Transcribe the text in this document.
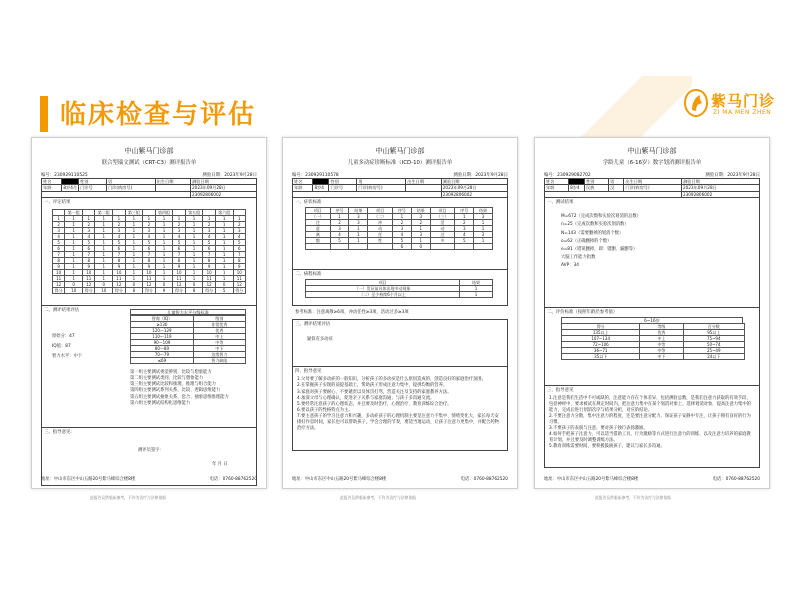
临床检查与评估	紫马门诊
ZI MA MEN ZHEN
中山紫马门诊部
联合型瑞文测试（CRT-C3）测评报告单
编号：230929110525	测验日期：2023年9月28日
姓名		性别	男	出生日期	测验日期
年龄	8岁4月	门诊号	门诊(病房号)		2023年09月28日
					23092806002
一、评定结果
	第一组		第二组		第三组		第四组		第五组		第六组	
1	1	1	1	1	1	1	1	1	1	1	1	1
2	1	2	1	2	1	2	1	2	1	2	1	2
3	1	3	1	3	1	3	1	3	1	3	1	3
4	1	4	1	4	1	4	1	4	1	4	1	4
5	1	5	1	5	1	5	1	5	1	5	1	5
6	1	6	1	6	1	6	1	6	1	6	1	6
7	1	7	1	7	1	7	1	7	1	7	1	7
8	1	8	1	8	1	8	1	8	1	8	1	8
9	1	9	1	9	1	9	1	9	1	9	1	9
10	1	10	1	10	1	10	1	10	1	10	1	10
11	1	11	1	11	1	11	1	11	1	11	1	11
12	0	12	0	12	0	12	0	12	0	12	0	12
得分	10	得分	10	得分	8	得分	9	得分	8	得分	5	得分
二、测评结果评估
原始分：47
IQ值：87
智力水平：中下
儿童智力水平分级标准
智商（IQ）	级别
≥130	非常优秀
120—129	优秀
110—119	中上
90—109	中等
80—89	中下
70—79	边缘智力
≤69	智力缺陷
第一组主要测试视觉辨别、比较与想象能力
第二组主要测试类同、比较与想象能力
第三组主要测试比较和推理、推理与组合能力
第四组主要测试系列关系、比较、逻辑思维能力
第五组主要测试抽象关系、套合、抽象思维推理能力
第六组主要测试结构化思维能力
三、指导意见：
测评员签字：
年 月 日
地址：中山市东区中山五路20号紫马峰综合楼8楼	电话：0760-88762520
此报告仅供临床参考，不作为治疗与法律依据
中山紫马门诊部
儿童多动症诊断标准（ICD-10）测评报告单
编号：230929110578	测验日期：2023年9月28日
姓名		性别	男	出生日期	测验日期
年龄	8岁4	门诊号	门诊(病房号)		2023年09月28日
					23092806002
一、症状标准
项目	序号	结果	项目	序号	结果	项目	序号	结果
（一）	1	3	（二）	1	3	（三）	1	3
注	2	3	冲	2	2	活	2	1
意	3	1	动	3	1	动	3	1
离	4	1	任	4	3	过	4	3
散	5	1	性	5	1	多	5	1
				6	0			
二、病程标准
项目	结果
（一）发证前具体出现多动现象	1
（二）至少持续6个月以上	1
参考标准：注意离散≥6项，冲动任性≥3项，活动过多≥3项
三、测评结果评估
疑似有多动症
四、指导意见
1.父母要了解多动症的一般知识，分析孩子的多动症是什么原因造成的，创造良好的家庭治疗氛围。
2.在掌握孩子实现的前提基础上，帮助孩子形成注意力集中，提供均衡的营养。
3.家庭对孩子要耐心，不要谴责以及体罚打骂，营造关注及支持的家庭教养方法。
4.加深父母与心理确认，促进亲子关系与家庭沟通，与孩子多沟通交流。
5.要经常注意孩子的心理状态，并且要及时治疗，心理治疗、教育训练综合治疗。
6.要以孩子的性格特点为主。
7.要主意孩子的学习注意力和兴趣，多动症孩子的心理机制主要是注意力不集中、情绪变化大，家长每天安排好作息时间，家长也可以帮助孩子，学会合理的节奏，要适当地运动，让孩子注意力更集中，并配合药物治疗方法。
地址：中山市东区中山五路20号紫马峰综合楼8楼	电话：0760-88762520
此报告仅供临床参考，不作为治疗与法律依据
中山紫马门诊部
学龄儿童（6-16岁）数字划消测评报告单
编号：230929082702	测验日期：2023年9月28日
姓名		性别	男	出生日期	测验日期
年龄	8岁4	民族	汉	门诊(病房号)	2023年09月28日
					23092806002
一、测试结果
M=672（完成次数和实验次划消的总数）
n=25（完成次数和实验次划消数）
N=143（需要删掉的划消个数）
o=62（正确删掉的个数）
e=81（错误删掉，即：错删、漏删等）
大脑工作能力指数
AVP：34
二、评价标准（按照年龄层参考值）
6~16岁
得分	等级	百分数
135以上	优秀	95以上
107~134	中上	75~94
72~106	中等	50~74
36~71	中等	25~49
35以下	中下	24以下
三、指导意见
1.注意是我们生活中不可或缺的，注意能力存在个体差异，包括测验总数，是我们注意力获取的有效手段，包括神经中，要求被试在规定时间内，把注意力集中在某个划消对象上，选择划消对象，提高注意力集中的能力，完成后进行划消次序与结果分析，对应的结论。
2.不要注意力分散，集中注意力的程度，还是要注意分配力，保证孩子安静中专注，让孩子拥有良好的行为习惯。
3.不要孩子的表演与注意，要对孩子独行表扬激励。
4.如何手把孩子注意力，可以适当借助工具、行为激励等方式进行注意力的训练，以及注意力培养的家庭教育计划，并且要及时调整训练方法。
5.教育训练需要时间，要积极鼓励孩子，建议与家长多沟通。
地址：中山市东区中山五路20号紫马峰综合楼8楼	电话：0760-88762520
此报告仅供临床参考，不作为治疗与法律依据
